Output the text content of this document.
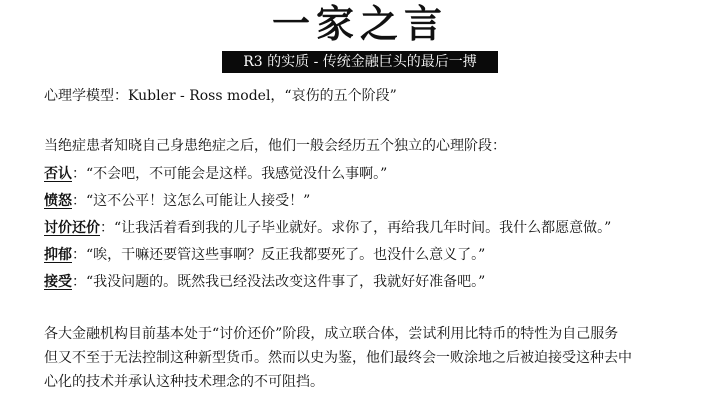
一家之言
R3 的实质 - 传统金融巨头的最后一搏
心理学模型：Kubler - Ross model，“哀伤的五个阶段”
当绝症患者知晓自己身患绝症之后，他们一般会经历五个独立的心理阶段：
否认：“不会吧，不可能会是这样。我感觉没什么事啊。”
愤怒：“这不公平！这怎么可能让人接受！”
讨价还价：“让我活着看到我的儿子毕业就好。求你了，再给我几年时间。我什么都愿意做。”
抑郁：“唉，干嘛还要管这些事啊？反正我都要死了。也没什么意义了。”
接受：“我没问题的。既然我已经没法改变这件事了，我就好好准备吧。”
各大金融机构目前基本处于“讨价还价”阶段，成立联合体，尝试利用比特币的特性为自己服务
但又不至于无法控制这种新型货币。然而以史为鉴，他们最终会一败涂地之后被迫接受这种去中
心化的技术并承认这种技术理念的不可阻挡。
